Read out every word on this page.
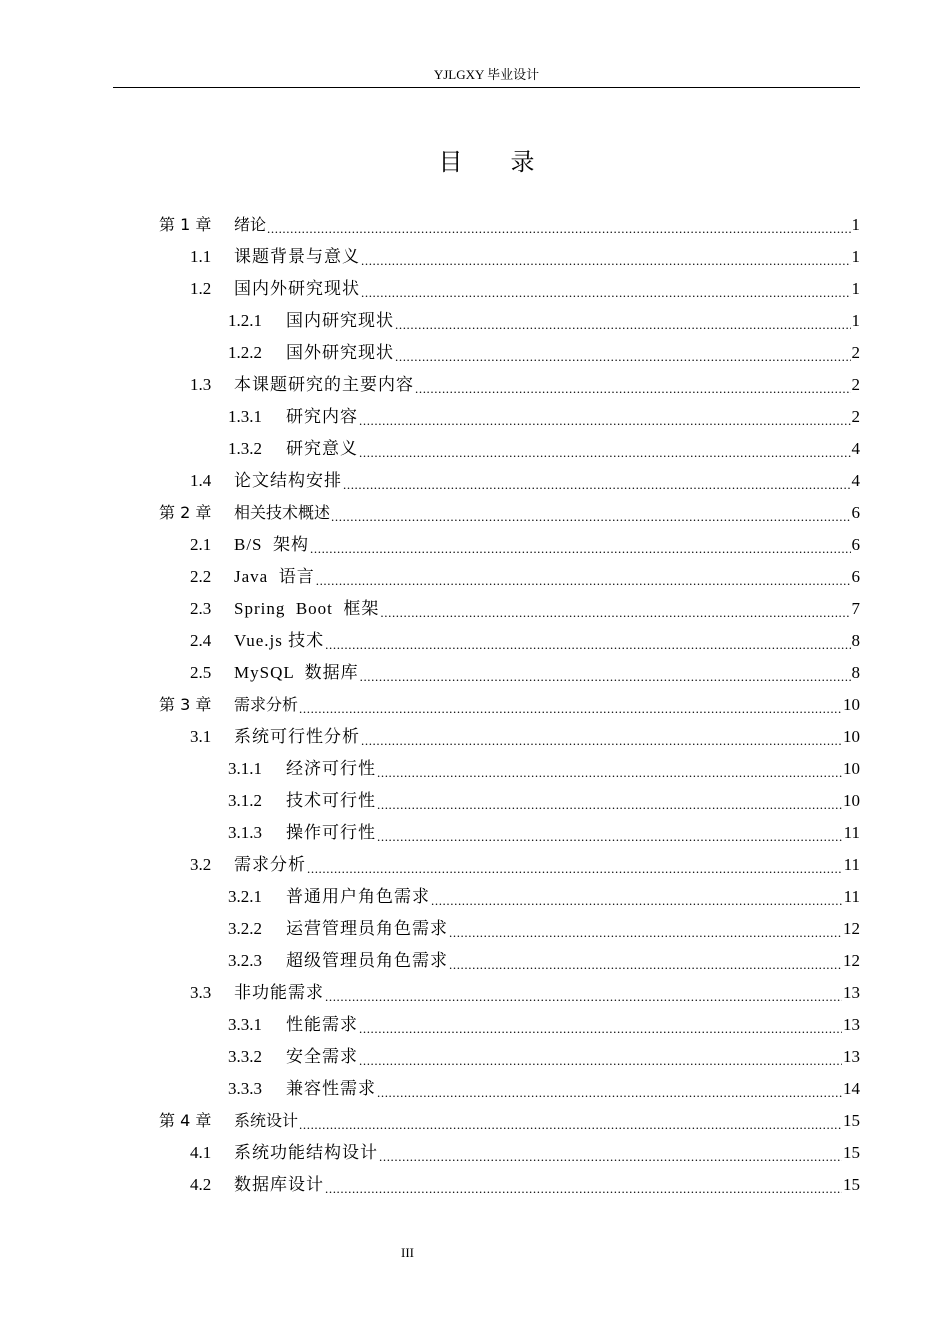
YJLGXY 毕业设计
目录
第 1 章	绪论 .....	1
1.1	课题背景与意义 .....	1
1.2	国内外研究现状 .....	1
1.2.1	国内研究现状 .....	1
1.2.2	国外研究现状 .....	2
1.3	本课题研究的主要内容 .....	2
1.3.1	研究内容 .....	2
1.3.2	研究意义 .....	4
1.4	论文结构安排 .....	4
第 2 章	相关技术概述 .....	6
2.1	B/S  架构 .....	6
2.2	Java  语言 .....	6
2.3	Spring  Boot  框架 .....	7
2.4	Vue.js 技术 .....	8
2.5	MySQL  数据库 .....	8
第 3 章	需求分析 .....	10
3.1	系统可行性分析 .....	10
3.1.1	经济可行性 .....	10
3.1.2	技术可行性 .....	10
3.1.3	操作可行性 .....	11
3.2	需求分析 .....	11
3.2.1	普通用户角色需求 .....	11
3.2.2	运营管理员角色需求 .....	12
3.2.3	超级管理员角色需求 .....	12
3.3	非功能需求 .....	13
3.3.1	性能需求 .....	13
3.3.2	安全需求 .....	13
3.3.3	兼容性需求 .....	14
第 4 章	系统设计 .....	15
4.1	系统功能结构设计 .....	15
4.2	数据库设计 .....	15
III
